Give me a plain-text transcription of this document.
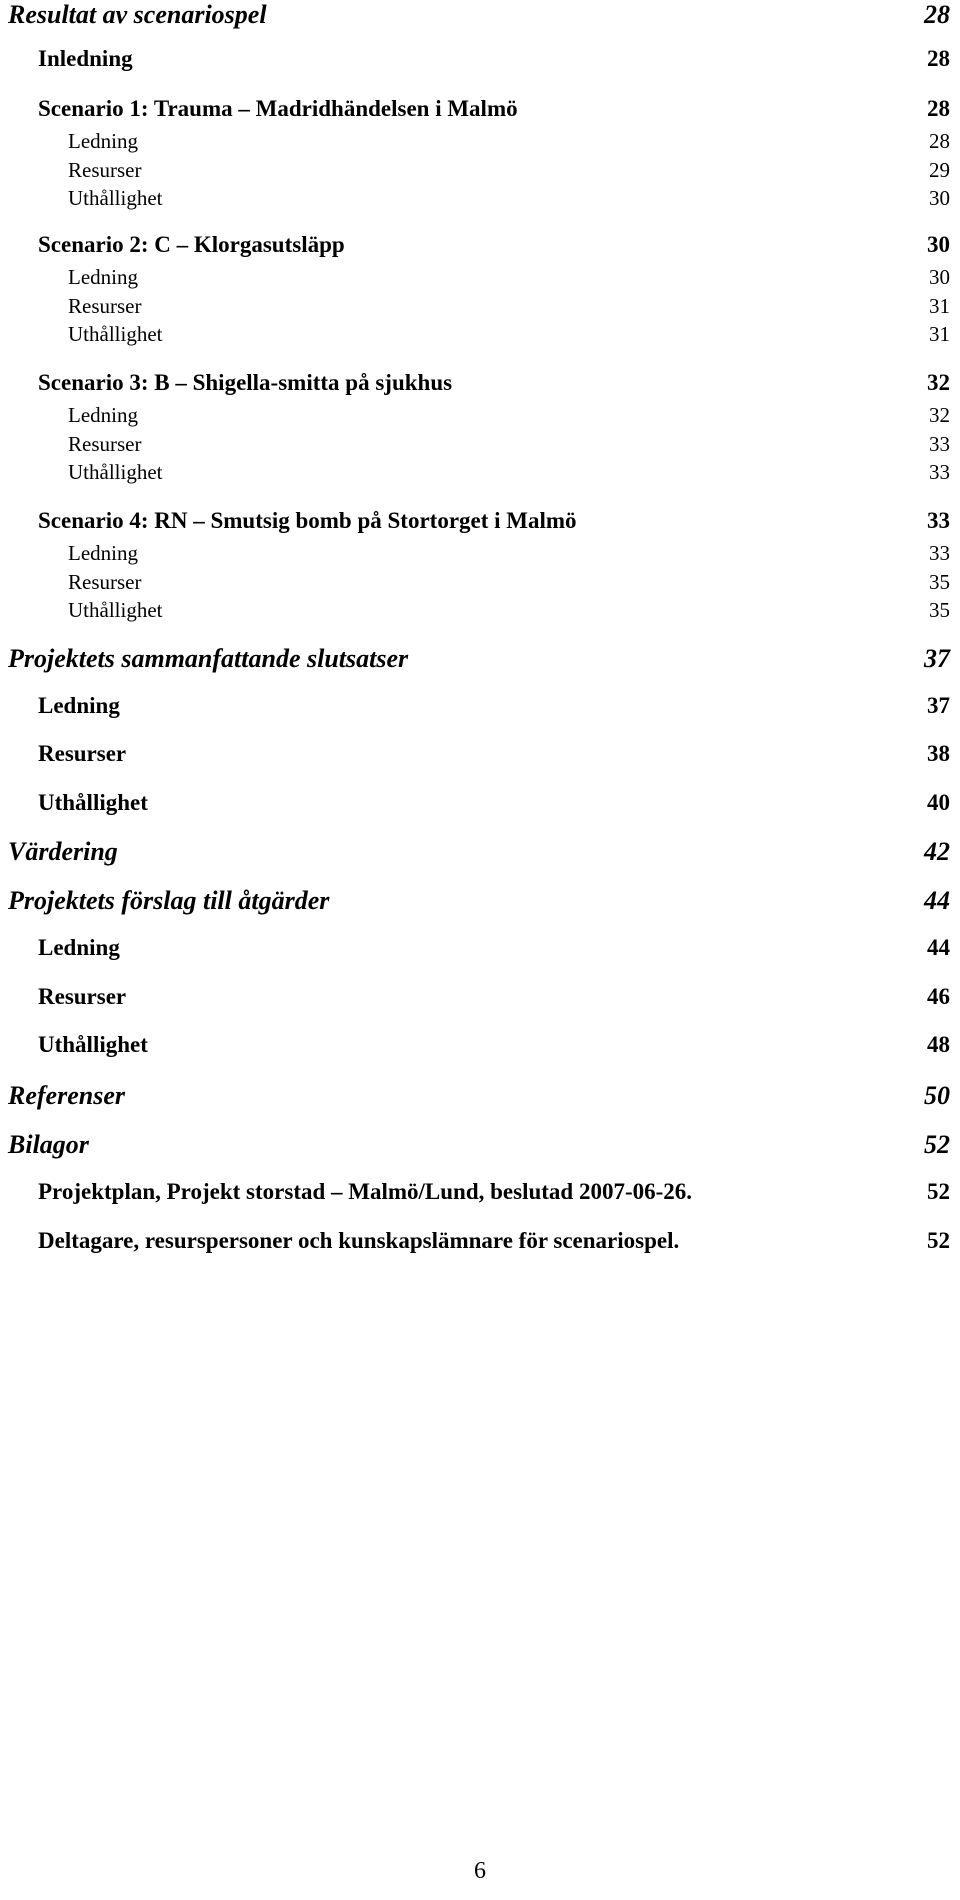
Resultat av scenariospel	28
Inledning	28
Scenario 1: Trauma – Madridhändelsen i Malmö	28
Ledning	28
Resurser	29
Uthållighet	30
Scenario 2: C – Klorgasutsläpp	30
Ledning	30
Resurser	31
Uthållighet	31
Scenario 3: B – Shigella-smitta på sjukhus	32
Ledning	32
Resurser	33
Uthållighet	33
Scenario 4: RN – Smutsig bomb på Stortorget i Malmö	33
Ledning	33
Resurser	35
Uthållighet	35
Projektets sammanfattande slutsatser	37
Ledning	37
Resurser	38
Uthållighet	40
Värdering	42
Projektets förslag till åtgärder	44
Ledning	44
Resurser	46
Uthållighet	48
Referenser	50
Bilagor	52
Projektplan, Projekt storstad – Malmö/Lund, beslutad 2007-06-26.	52
Deltagare, resurspersoner och kunskapslämnare för scenariospel.	52
6
